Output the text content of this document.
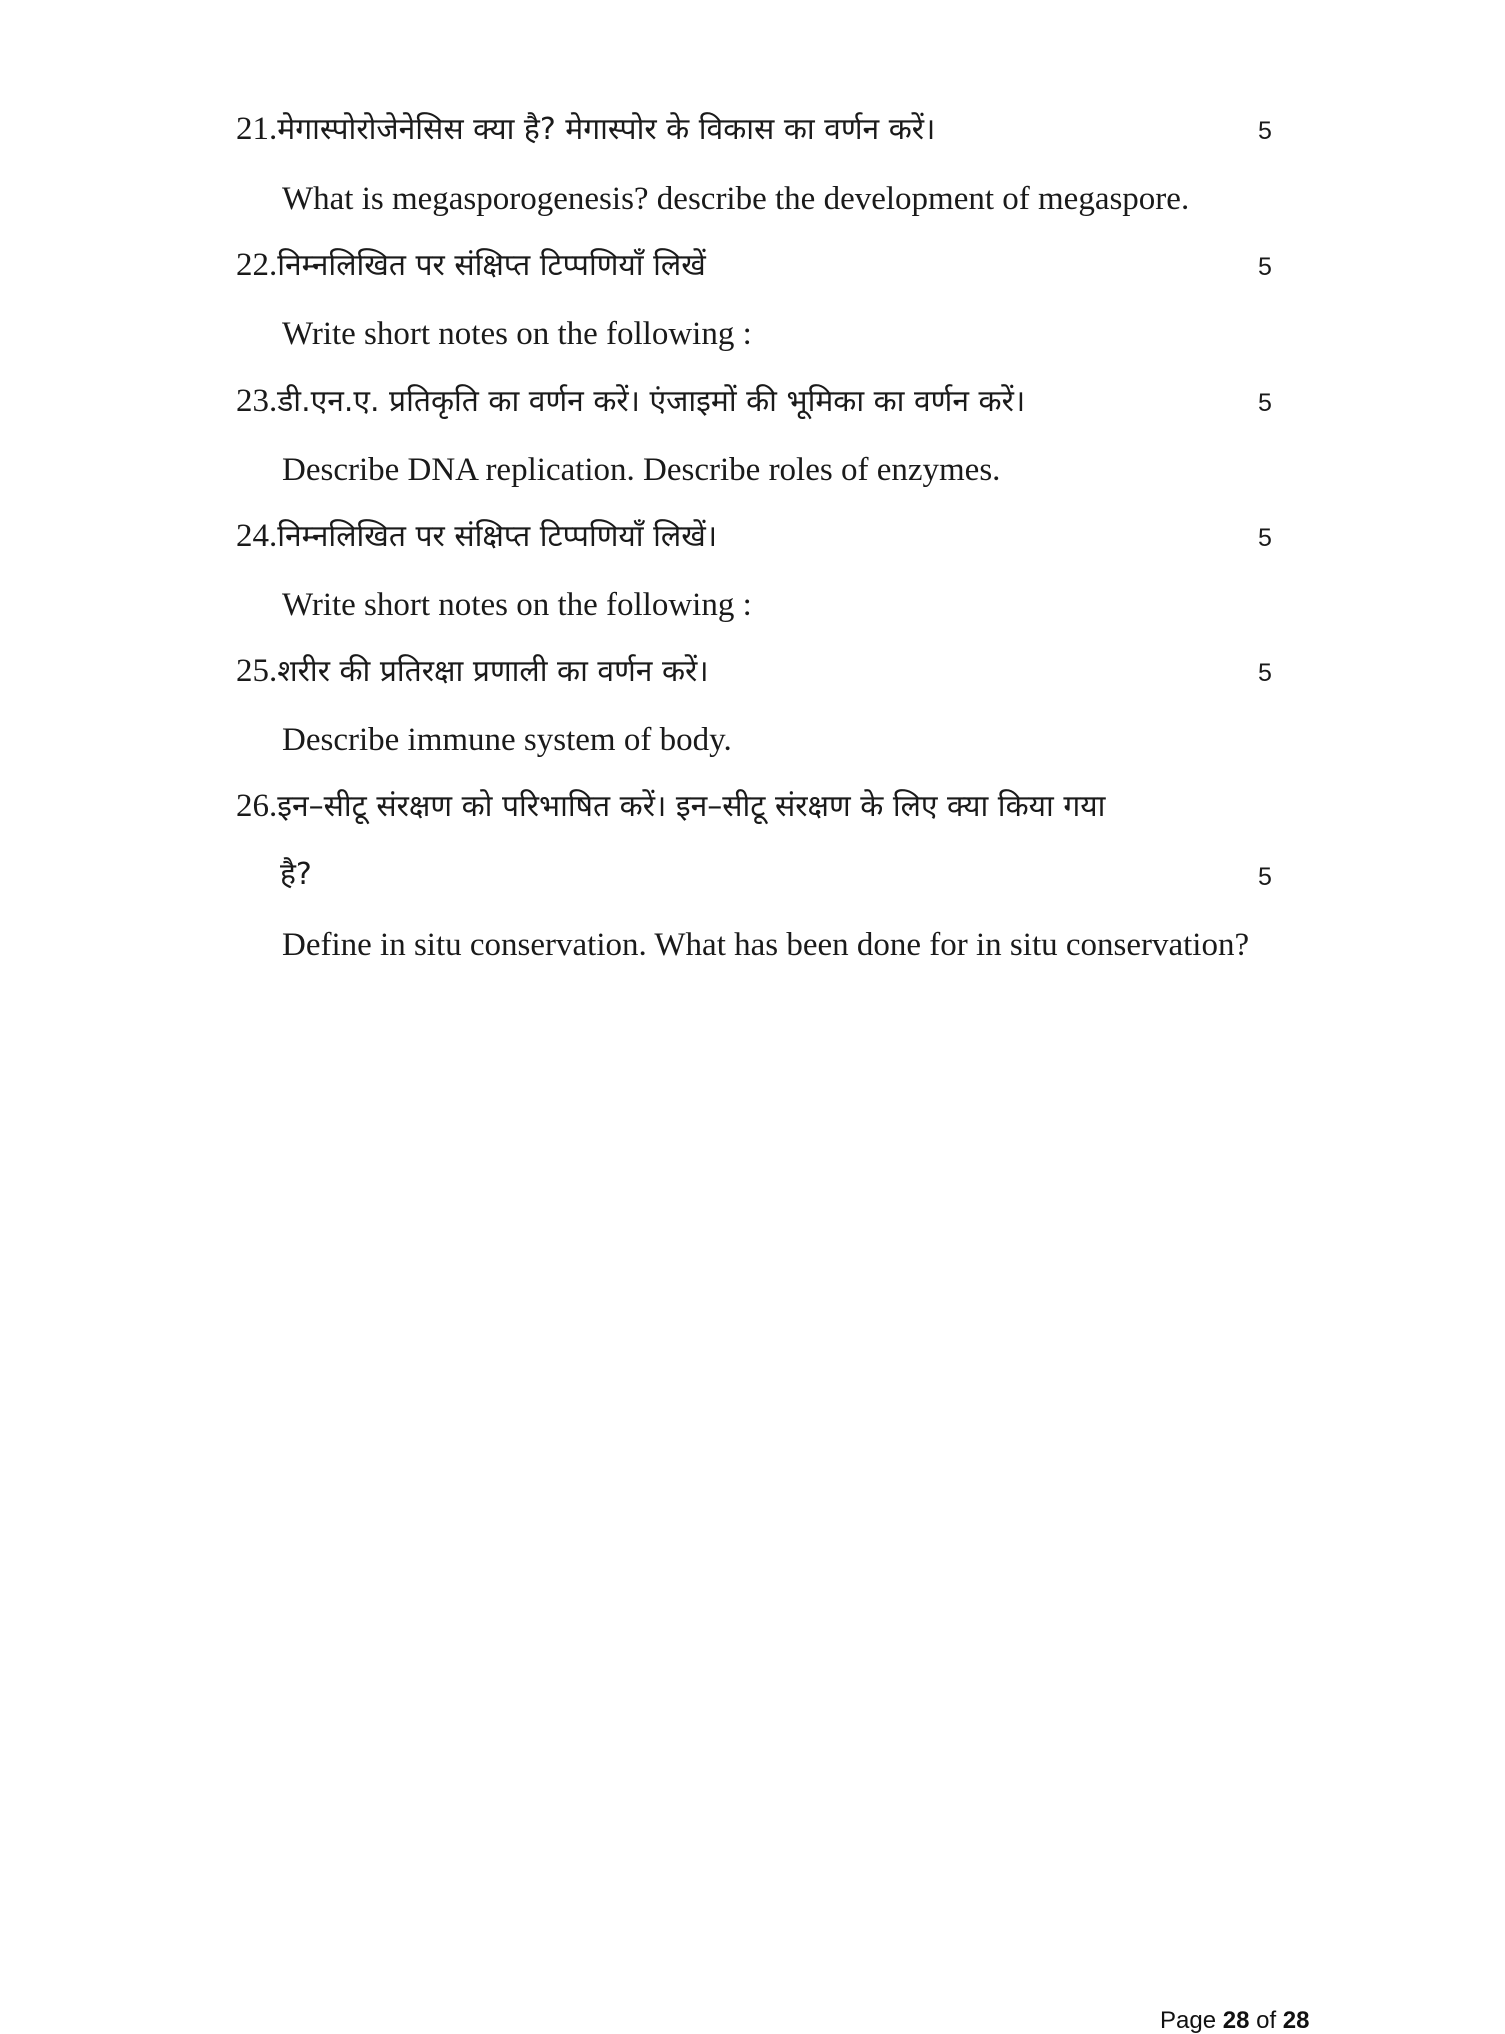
21.मेगास्पोरोजेनेसिस क्या है? मेगास्पोर के विकास का वर्णन करें।	5
What is megasporogenesis? describe the development of megaspore.
22.निम्नलिखित पर संक्षिप्त टिप्पणियाँ लिखें	5
Write short notes on the following :
23.डी.एन.ए. प्रतिकृति का वर्णन करें। एंजाइमों की भूमिका का वर्णन करें।	5
Describe DNA replication. Describe roles of enzymes.
24.निम्नलिखित पर संक्षिप्त टिप्पणियाँ लिखें।	5
Write short notes on the following :
25.शरीर की प्रतिरक्षा प्रणाली का वर्णन करें।	5
Describe immune system of body.
26.इन–सीटू संरक्षण को परिभाषित करें। इन–सीटू संरक्षण के लिए क्या किया गया
है?	5
Define in situ conservation. What has been done for in situ conservation?
Page 28 of 28
